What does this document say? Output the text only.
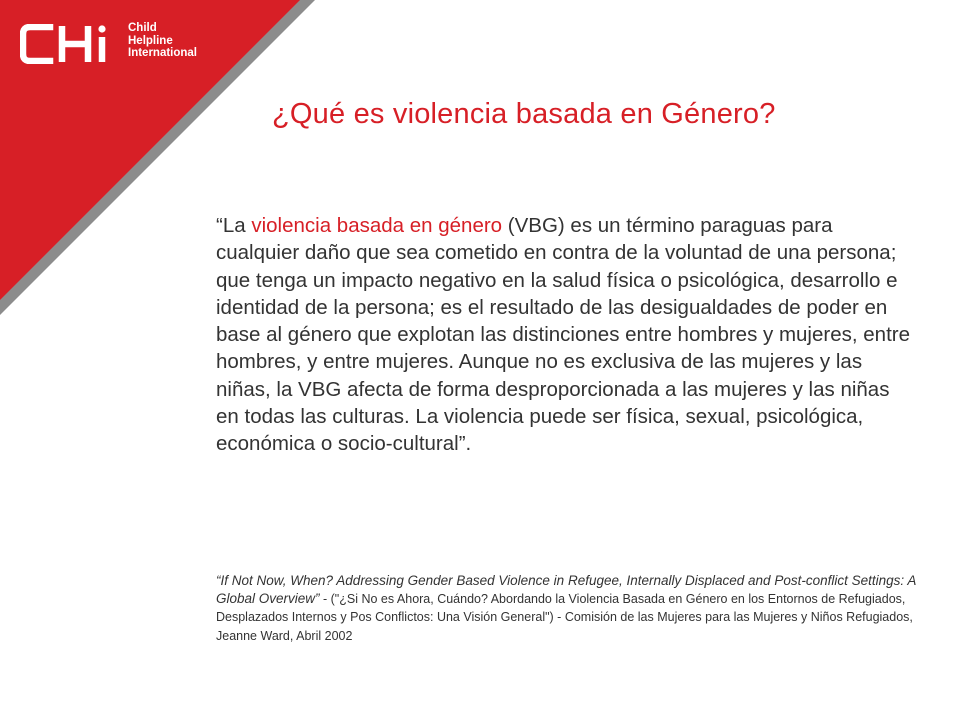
Child
Helpline
International
¿Qué es violencia basada en Género?

“La violencia basada en género (VBG) es un término paraguas para cualquier daño que sea cometido en contra de la voluntad de una persona; que tenga un impacto negativo en la salud física o psicológica, desarrollo e identidad de la persona; es el resultado de las desigualdades de poder en base al género que explotan las distinciones entre hombres y mujeres, entre hombres, y entre mujeres. Aunque no es exclusiva de las mujeres y las niñas, la VBG afecta de forma desproporcionada a las mujeres y las niñas en todas las culturas. La violencia puede ser física, sexual, psicológica, económica o socio-cultural”.

“If Not Now, When? Addressing Gender Based Violence in Refugee, Internally Displaced and Post-conflict Settings: A Global Overview” - ("¿Si No es Ahora, Cuándo? Abordando la Violencia Basada en Género en los Entornos de Refugiados, Desplazados Internos y Pos Conflictos: Una Visión General") - Comisión de las Mujeres para las Mujeres y Niños Refugiados, Jeanne Ward, Abril 2002
